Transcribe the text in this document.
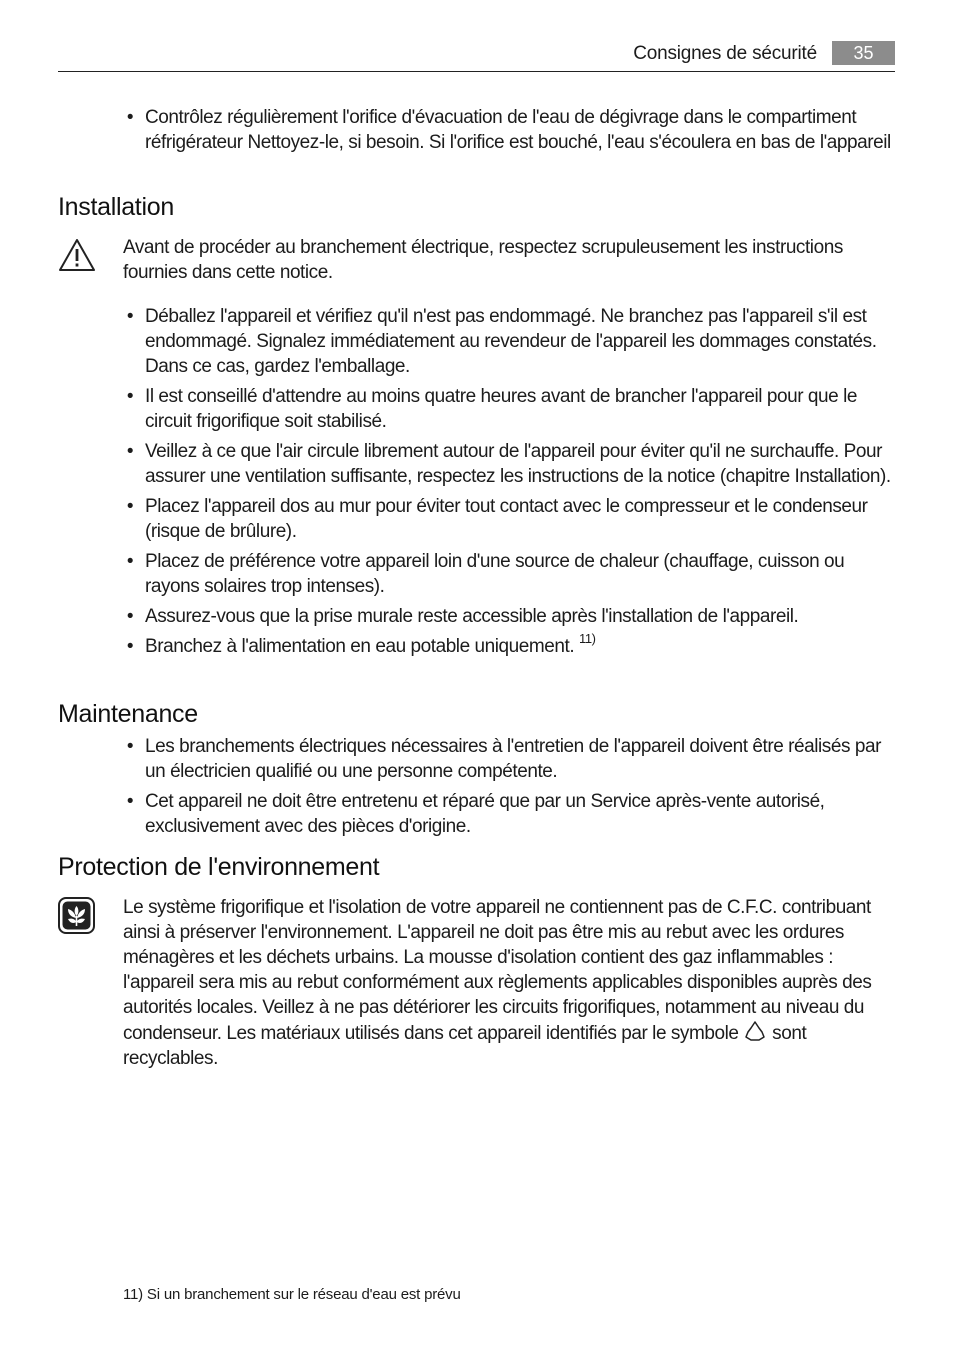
Consignes de sécurité	35
• Contrôlez régulièrement l'orifice d'évacuation de l'eau de dégivrage dans le compartiment réfrigérateur Nettoyez-le, si besoin. Si l'orifice est bouché, l'eau s'écoulera en bas de l'appareil
Installation
Avant de procéder au branchement électrique, respectez scrupuleusement les instructions fournies dans cette notice.
• Déballez l'appareil et vérifiez qu'il n'est pas endommagé. Ne branchez pas l'appareil s'il est endommagé. Signalez immédiatement au revendeur de l'appareil les dommages constatés. Dans ce cas, gardez l'emballage.
• Il est conseillé d'attendre au moins quatre heures avant de brancher l'appareil pour que le circuit frigorifique soit stabilisé.
• Veillez à ce que l'air circule librement autour de l'appareil pour éviter qu'il ne surchauffe. Pour assurer une ventilation suffisante, respectez les instructions de la notice (chapitre Installation).
• Placez l'appareil dos au mur pour éviter tout contact avec le compresseur et le condenseur (risque de brûlure).
• Placez de préférence votre appareil loin d'une source de chaleur (chauffage, cuisson ou rayons solaires trop intenses).
• Assurez-vous que la prise murale reste accessible après l'installation de l'appareil.
• Branchez à l'alimentation en eau potable uniquement. $^{11)}$
Maintenance
• Les branchements électriques nécessaires à l'entretien de l'appareil doivent être réalisés par un électricien qualifié ou une personne compétente.
• Cet appareil ne doit être entretenu et réparé que par un Service après-vente autorisé, exclusivement avec des pièces d'origine.
Protection de l'environnement
Le système frigorifique et l'isolation de votre appareil ne contiennent pas de C.F.C. contribuant ainsi à préserver l'environnement. L'appareil ne doit pas être mis au rebut avec les ordures ménagères et les déchets urbains. La mousse d'isolation contient des gaz inflammables : l'appareil sera mis au rebut conformément aux règlements applicables disponibles auprès des autorités locales. Veillez à ne pas détériorer les circuits frigorifiques, notamment au niveau du condenseur. Les matériaux utilisés dans cet appareil identifiés par le symbole sont recyclables.
11) Si un branchement sur le réseau d'eau est prévu
